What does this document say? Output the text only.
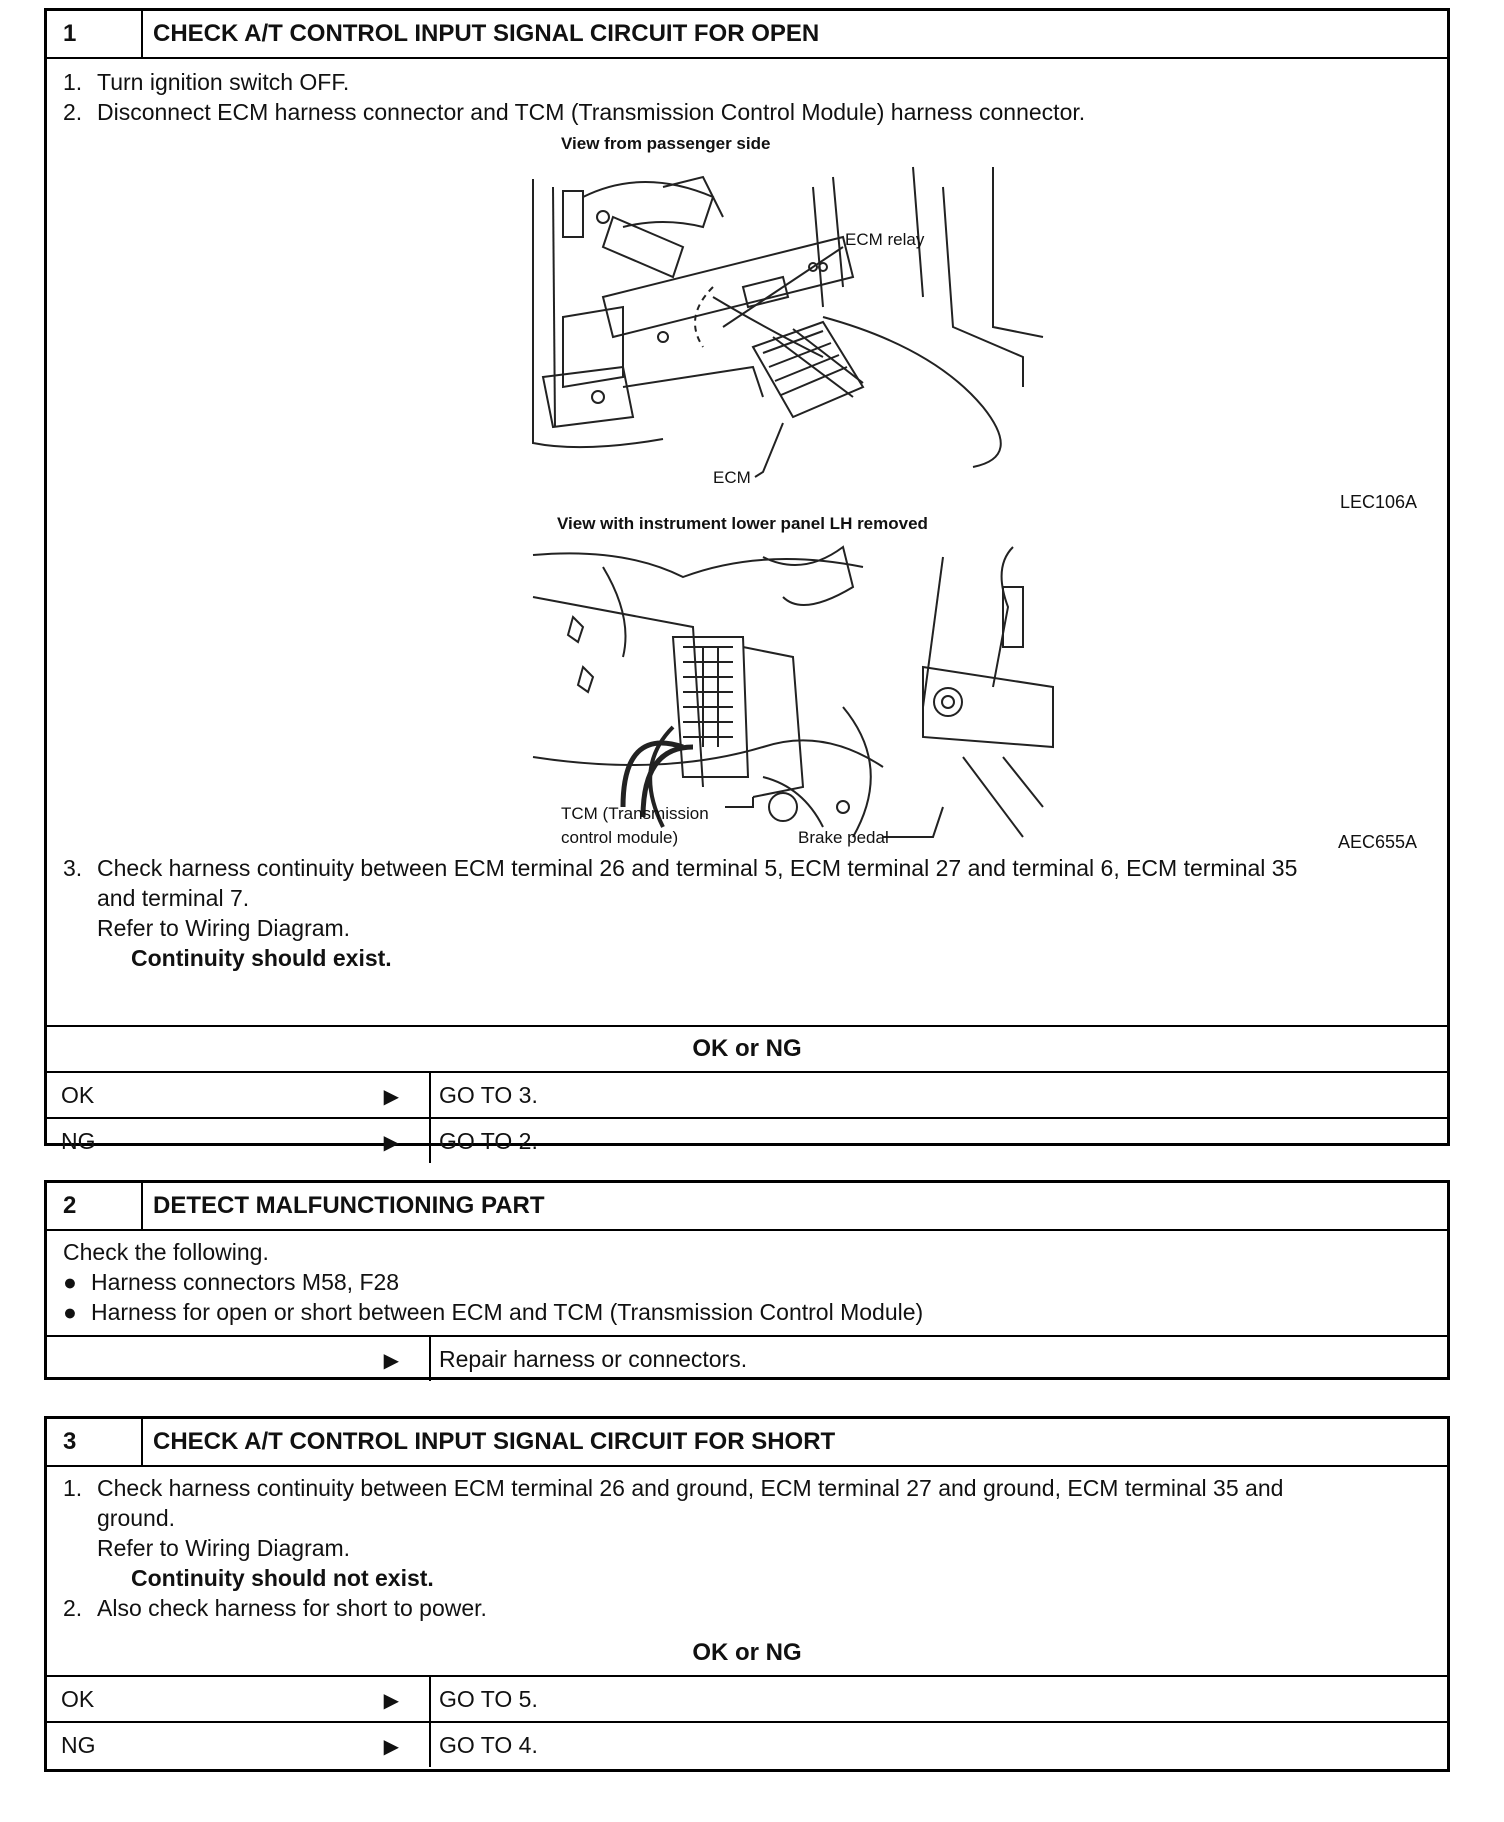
1	CHECK A/T CONTROL INPUT SIGNAL CIRCUIT FOR OPEN
1. Turn ignition switch OFF.
2. Disconnect ECM harness connector and TCM (Transmission Control Module) harness connector.
View from passenger side
ECM relay
ECM
LEC106A
View with instrument lower panel LH removed
TCM (Transmission
control module)	Brake pedal	AEC655A
3. Check harness continuity between ECM terminal 26 and terminal 5, ECM terminal 27 and terminal 6, ECM terminal 35
and terminal 7.
Refer to Wiring Diagram.
Continuity should exist.
OK or NG
OK	▶	GO TO 3.
NG	▶	GO TO 2.
2	DETECT MALFUNCTIONING PART
Check the following.
● Harness connectors M58, F28
● Harness for open or short between ECM and TCM (Transmission Control Module)
▶	Repair harness or connectors.
3	CHECK A/T CONTROL INPUT SIGNAL CIRCUIT FOR SHORT
1. Check harness continuity between ECM terminal 26 and ground, ECM terminal 27 and ground, ECM terminal 35 and
ground.
Refer to Wiring Diagram.
Continuity should not exist.
2. Also check harness for short to power.
OK or NG
OK	▶	GO TO 5.
NG	▶	GO TO 4.
